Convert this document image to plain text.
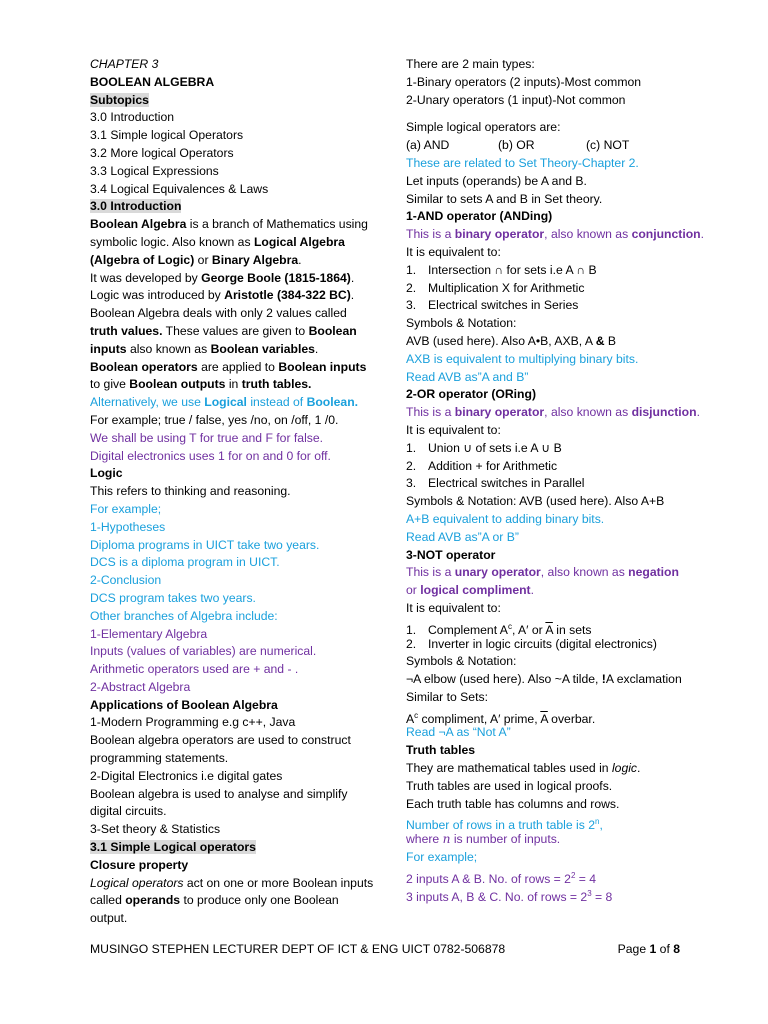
CHAPTER 3
BOOLEAN ALGEBRA
Subtopics
3.0 Introduction
3.1 Simple logical Operators
3.2 More logical Operators
3.3 Logical Expressions
3.4 Logical Equivalences & Laws
3.0 Introduction
Boolean Algebra is a branch of Mathematics using
symbolic logic. Also known as Logical Algebra
(Algebra of Logic) or Binary Algebra.
It was developed by George Boole (1815-1864).
Logic was introduced by Aristotle (384-322 BC).
Boolean Algebra deals with only 2 values called
truth values. These values are given to Boolean
inputs also known as Boolean variables.
Boolean operators are applied to Boolean inputs
to give Boolean outputs in truth tables.
Alternatively, we use Logical instead of Boolean.
For example; true / false, yes /no, on /off, 1 /0.
We shall be using T for true and F for false.
Digital electronics uses 1 for on and 0 for off.
Logic
This refers to thinking and reasoning.
For example;
1-Hypotheses
Diploma programs in UICT take two years.
DCS is a diploma program in UICT.
2-Conclusion
DCS program takes two years.
Other branches of Algebra include:
1-Elementary Algebra
Inputs (values of variables) are numerical.
Arithmetic operators used are + and - .
2-Abstract Algebra
Applications of Boolean Algebra
1-Modern Programming e.g c++, Java
Boolean algebra operators are used to construct
programming statements.
2-Digital Electronics i.e digital gates
Boolean algebra is used to analyse and simplify
digital circuits.
3-Set theory & Statistics
3.1 Simple Logical operators
Closure property
Logical operators act on one or more Boolean inputs
called operands to produce only one Boolean
output.
There are 2 main types:
1-Binary operators (2 inputs)-Most common
2-Unary operators (1 input)-Not common
Simple logical operators are:
(a) AND	(b) OR	(c) NOT
These are related to Set Theory-Chapter 2.
Let inputs (operands) be A and B.
Similar to sets A and B in Set theory.
1-AND operator (ANDing)
This is a binary operator, also known as conjunction.
It is equivalent to:
1. Intersection ∩ for sets i.e A ∩ B
2. Multiplication X for Arithmetic
3. Electrical switches in Series
Symbols & Notation:
AVB (used here). Also A•B, AXB, A & B
AXB is equivalent to multiplying binary bits.
Read AVB as”A and B”
2-OR operator (ORing)
This is a binary operator, also known as disjunction.
It is equivalent to:
1. Union ∪ of sets i.e A ∪ B
2. Addition + for Arithmetic
3. Electrical switches in Parallel
Symbols & Notation: AVB (used here). Also A+B
A+B equivalent to adding binary bits.
Read AVB as”A or B”
3-NOT operator
This is a unary operator, also known as negation
or logical compliment.
It is equivalent to:
1. Complement $A^c$, A′ or $\overline{A}$ in sets
2. Inverter in logic circuits (digital electronics)
Symbols & Notation:
¬A elbow (used here). Also ~A tilde, !A exclamation
Similar to Sets:
$A^c$ compliment, A′ prime, $\overline{A}$ overbar.
Read ¬A as “Not A”
Truth tables
They are mathematical tables used in logic.
Truth tables are used in logical proofs.
Each truth table has columns and rows.
Number of rows in a truth table is 2$^n$,
where n is number of inputs.
For example;
2 inputs A & B. No. of rows = $2^2 = 4$
3 inputs A, B & C. No. of rows = $2^3 = 8$
MUSINGO STEPHEN LECTURER DEPT OF ICT & ENG UICT 0782-506878	Page 1 of 8
